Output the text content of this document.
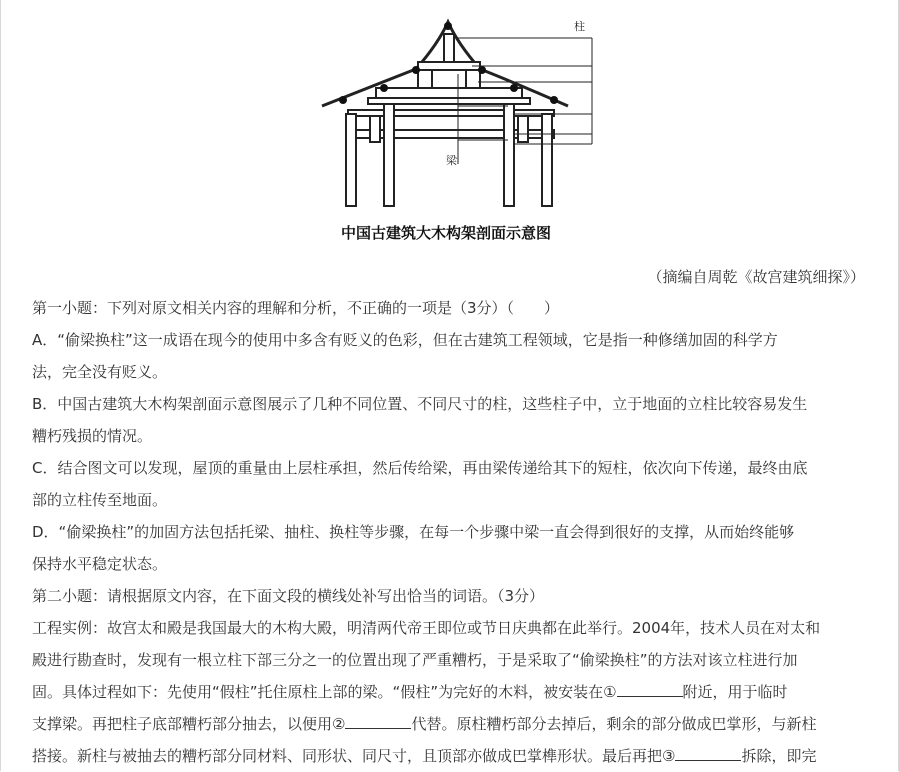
柱
梁
中国古建筑大木构架剖面示意图
（摘编自周乾《故宫建筑细探》）

第一小题：下列对原文相关内容的理解和分析，不正确的一项是（3分）（　　）

A．“偷梁换柱”这一成语在现今的使用中多含有贬义的色彩，但在古建筑工程领域，它是指一种修缮加固的科学方

法，完全没有贬义。

B．中国古建筑大木构架剖面示意图展示了几种不同位置、不同尺寸的柱，这些柱子中，立于地面的立柱比较容易发生

糟朽残损的情况。

C．结合图文可以发现，屋顶的重量由上层柱承担，然后传给梁，再由梁传递给其下的短柱，依次向下传递，最终由底

部的立柱传至地面。

D．“偷梁换柱”的加固方法包括托梁、抽柱、换柱等步骤，在每一个步骤中梁一直会得到很好的支撑，从而始终能够

保持水平稳定状态。

第二小题：请根据原文内容，在下面文段的横线处补写出恰当的词语。（3分）

工程实例：故宫太和殿是我国最大的木构大殿，明清两代帝王即位或节日庆典都在此举行。2004年，技术人员在对太和

殿进行勘查时，发现有一根立柱下部三分之一的位置出现了严重糟朽，于是采取了“偷梁换柱”的方法对该立柱进行加

固。具体过程如下：先使用“假柱”托住原柱上部的梁。“假柱”为完好的木料，被安装在①	附近，用于临时

支撑梁。再把柱子底部糟朽部分抽去，以便用②	代替。原柱糟朽部分去掉后，剩余的部分做成巴掌形，与新柱

搭接。新柱与被抽去的糟朽部分同材料、同形状、同尺寸，且顶部亦做成巴掌榫形状。最后再把③	拆除，即完
